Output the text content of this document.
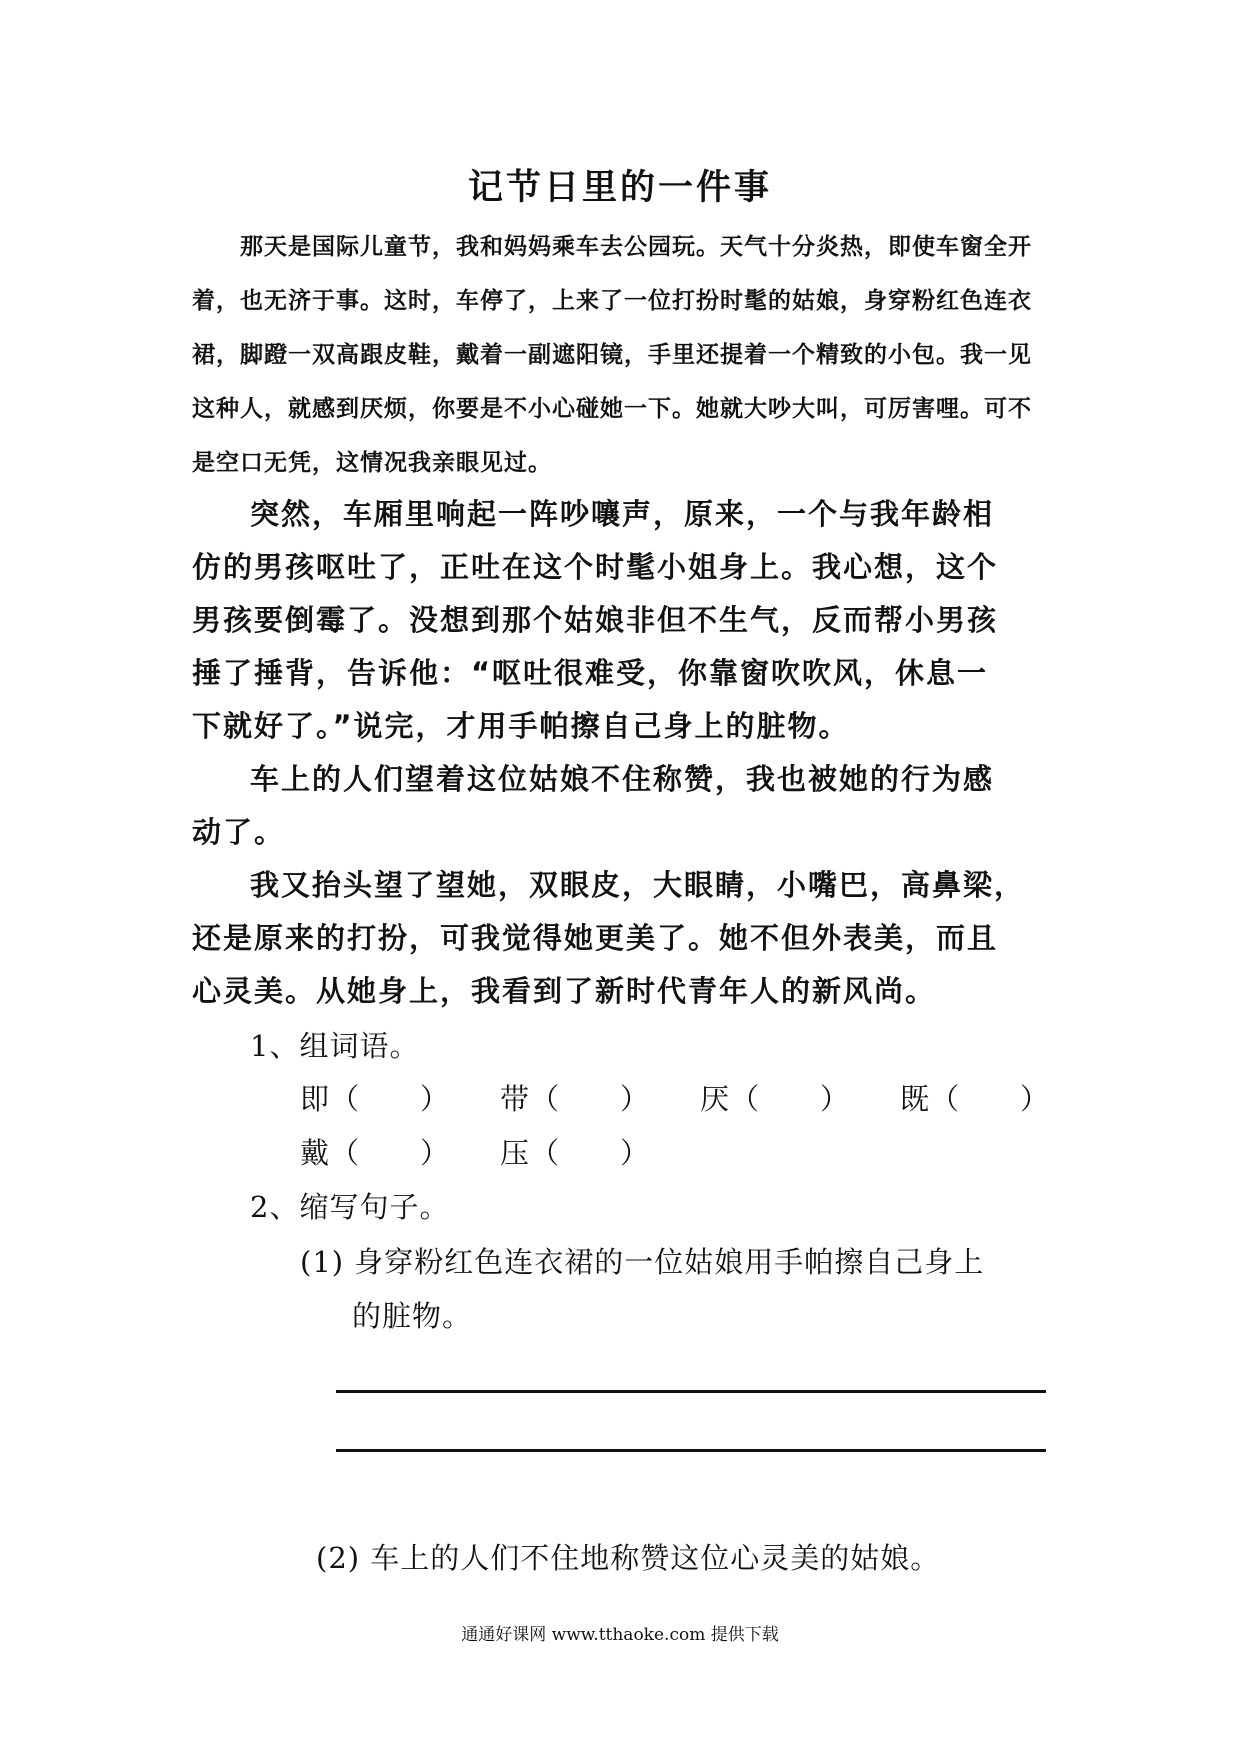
记节日里的一件事
那天是国际儿童节，我和妈妈乘车去公园玩。天气十分炎热，即使车窗全开
着，也无济于事。这时，车停了，上来了一位打扮时髦的姑娘，身穿粉红色连衣
裙，脚蹬一双高跟皮鞋，戴着一副遮阳镜，手里还提着一个精致的小包。我一见
这种人，就感到厌烦，你要是不小心碰她一下。她就大吵大叫，可厉害哩。可不
是空口无凭，这情况我亲眼见过。
突然，车厢里响起一阵吵嚷声，原来，一个与我年龄相
仿的男孩呕吐了，正吐在这个时髦小姐身上。我心想，这个
男孩要倒霉了。没想到那个姑娘非但不生气，反而帮小男孩
捶了捶背，告诉他：“呕吐很难受，你靠窗吹吹风，休息一
下就好了。”说完，才用手帕擦自己身上的脏物。
车上的人们望着这位姑娘不住称赞，我也被她的行为感
动了。
我又抬头望了望她，双眼皮，大眼睛，小嘴巴，高鼻梁，
还是原来的打扮，可我觉得她更美了。她不但外表美，而且
心灵美。从她身上，我看到了新时代青年人的新风尚。
1、组词语。
即（　　） 带（　　） 厌（　　） 既（　　）
戴（　　） 压（　　）
2、缩写句子。
(1) 身穿粉红色连衣裙的一位姑娘用手帕擦自己身上
的脏物。
(2) 车上的人们不住地称赞这位心灵美的姑娘。
通通好课网 www.tthaoke.com 提供下载
